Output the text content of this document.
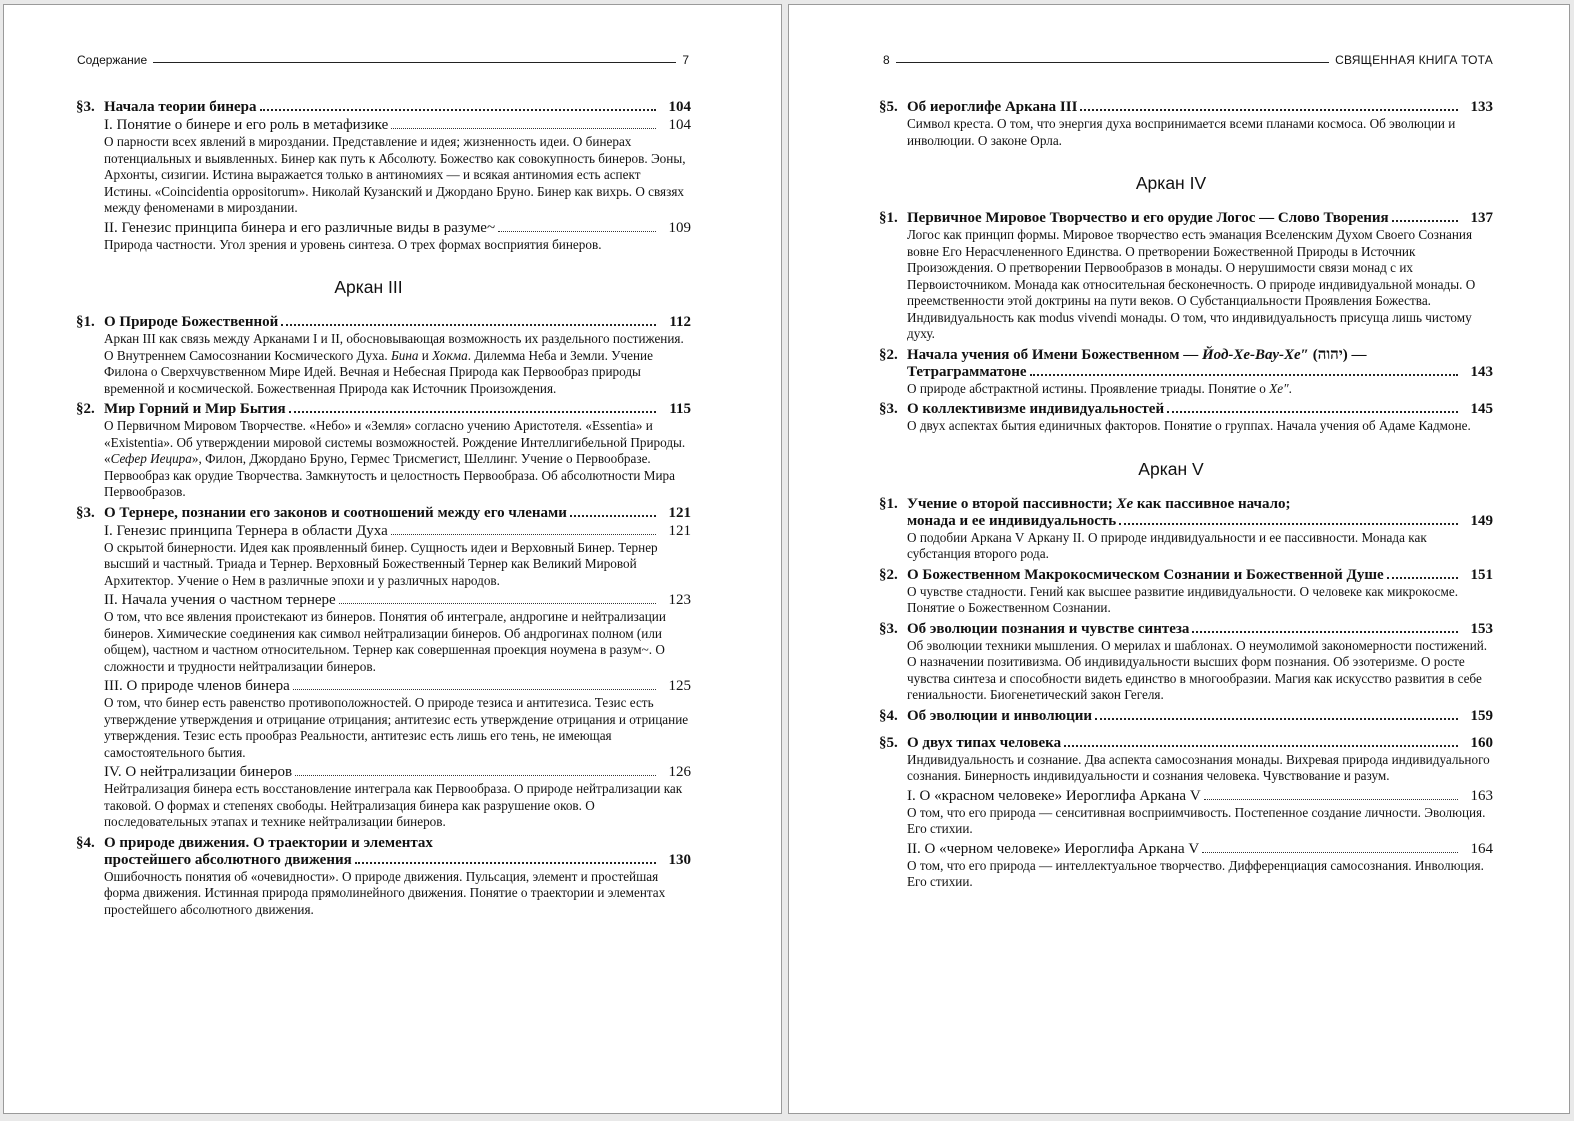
Содержание	7
§3. Начала теории бинера	104
I. Понятие о бинере и его роль в метафизике	104
О парности всех явлений в мироздании. Представление и идея; жизненность идеи. О бинерах потенциальных и выявленных. Бинер как путь к Абсолюту. Божество как совокупность бинеров. Эоны, Архонты, сизигии. Истина выражается только в антиномиях — и всякая антиномия есть аспект Истины. «Coincidentia oppositorum». Николай Кузанский и Джордано Бруно. Бинер как вихрь. О связях между феноменами в мироздании.
II. Генезис принципа бинера и его различные виды в разуме~	109
Природа частности. Угол зрения и уровень синтеза. О трех формах восприятия бинеров.
Аркан III
§1. О Природе Божественной	112
Аркан III как связь между Арканами I и II, обосновывающая возможность их раздельного постижения. О Внутреннем Самосознании Космического Духа. Бина и Хокма. Дилемма Неба и Земли. Учение Филона о Сверхчувственном Мире Идей. Вечная и Небесная Природа как Первообраз природы временной и космической. Божественная Природа как Источник Произождения.
§2. Мир Горний и Мир Бытия	115
О Первичном Мировом Творчестве. «Небо» и «Земля» согласно учению Аристотеля. «Essentia» и «Existentia». Об утверждении мировой системы возможностей. Рождение Интеллигибельной Природы. «Сефер Иецира», Филон, Джордано Бруно, Гермес Трисмегист, Шеллинг. Учение о Первообразе. Первообраз как орудие Творчества. Замкнутость и целостность Первообраза. Об абсолютности Мира Первообразов.
§3. О Тернере, познании его законов и соотношений между его членами	121
I. Генезис принципа Тернера в области Духа	121
О скрытой бинерности. Идея как проявленный бинер. Сущность идеи и Верховный Бинер. Тернер высший и частный. Триада и Тернер. Верховный Божественный Тернер как Великий Мировой Архитектор. Учение о Нем в различные эпохи и у различных народов.
II. Начала учения о частном тернере	123
О том, что все явления проистекают из бинеров. Понятия об интеграле, андрогине и нейтрализации бинеров. Химические соединения как символ нейтрализации бинеров. Об андрогинах полном (или общем), частном и частном относительном. Тернер как совершенная проекция ноумена в разум~. О сложности и трудности нейтрализации бинеров.
III. О природе членов бинера	125
О том, что бинер есть равенство противоположностей. О природе тезиса и антитезиса. Тезис есть утверждение утверждения и отрицание отрицания; антитезис есть утверждение отрицания и отрицание утверждения. Тезис есть прообраз Реальности, антитезис есть лишь его тень, не имеющая самостоятельного бытия.
IV. О нейтрализации бинеров	126
Нейтрализация бинера есть восстановление интеграла как Первообраза. О природе нейтрализации как таковой. О формах и степенях свободы. Нейтрализация бинера как разрушение оков. О последовательных этапах и технике нейтрализации бинеров.
§4. О природе движения. О траектории и элементах
простейшего абсолютного движения	130
Ошибочность понятия об «очевидности». О природе движения. Пульсация, элемент и простейшая форма движения. Истинная природа прямолинейного движения. Понятие о траектории и элементах простейшего абсолютного движения.
8	СВЯЩЕННАЯ КНИГА ТОТА
§5. Об иероглифе Аркана III	133
Символ креста. О том, что энергия духа воспринимается всеми планами космоса. Об эволюции и инволюции. О законе Орла.
Аркан IV
§1. Первичное Мировое Творчество и его орудие Логос — Слово Творения	137
Логос как принцип формы. Мировое творчество есть эманация Вселенским Духом Своего Сознания вовне Его Нерасчлененного Единства. О претворении Божественной Природы в Источник Произождения. О претворении Первообразов в монады. О нерушимости связи монад с их Первоисточником. Монада как относительная бесконечность. О природе индивидуальной монады. О преемственности этой доктрины на пути веков. О Субстанциальности Проявления Божества. Индивидуальность как modus vivendi монады. О том, что индивидуальность присуща лишь чистому духу.
§2. Начала учения об Имени Божественном — Йод-Хе-Вау-Хе″ (יהוה) —
Тетраграмматоне	143
О природе абстрактной истины. Проявление триады. Понятие о Хе″.
§3. О коллективизме индивидуальностей	145
О двух аспектах бытия единичных факторов. Понятие о группах. Начала учения об Адаме Кадмоне.
Аркан V
§1. Учение о второй пассивности; Хе как пассивное начало;
монада и ее индивидуальность	149
О подобии Аркана V Аркану II. О природе индивидуальности и ее пассивности. Монада как субстанция второго рода.
§2. О Божественном Макрокосмическом Сознании и Божественной Душе	151
О чувстве стадности. Гений как высшее развитие индивидуальности. О человеке как микрокосме. Понятие о Божественном Сознании.
§3. Об эволюции познания и чувстве синтеза	153
Об эволюции техники мышления. О мерилах и шаблонах. О неумолимой закономерности постижений. О назначении позитивизма. Об индивидуальности высших форм познания. Об эзотеризме. О росте чувства синтеза и способности видеть единство в многообразии. Магия как искусство развития в себе гениальности. Биогенетический закон Гегеля.
§4. Об эволюции и инволюции	159
§5. О двух типах человека	160
Индивидуальность и сознание. Два аспекта самосознания монады. Вихревая природа индивидуального сознания. Бинерность индивидуальности и сознания человека. Чувствование и разум.
I. О «красном человеке» Иероглифа Аркана V	163
О том, что его природа — сенситивная восприимчивость. Постепенное создание личности. Эволюция. Его стихии.
II. О «черном человеке» Иероглифа Аркана V	164
О том, что его природа — интеллектуальное творчество. Дифференциация самосознания. Инволюция. Его стихии.
